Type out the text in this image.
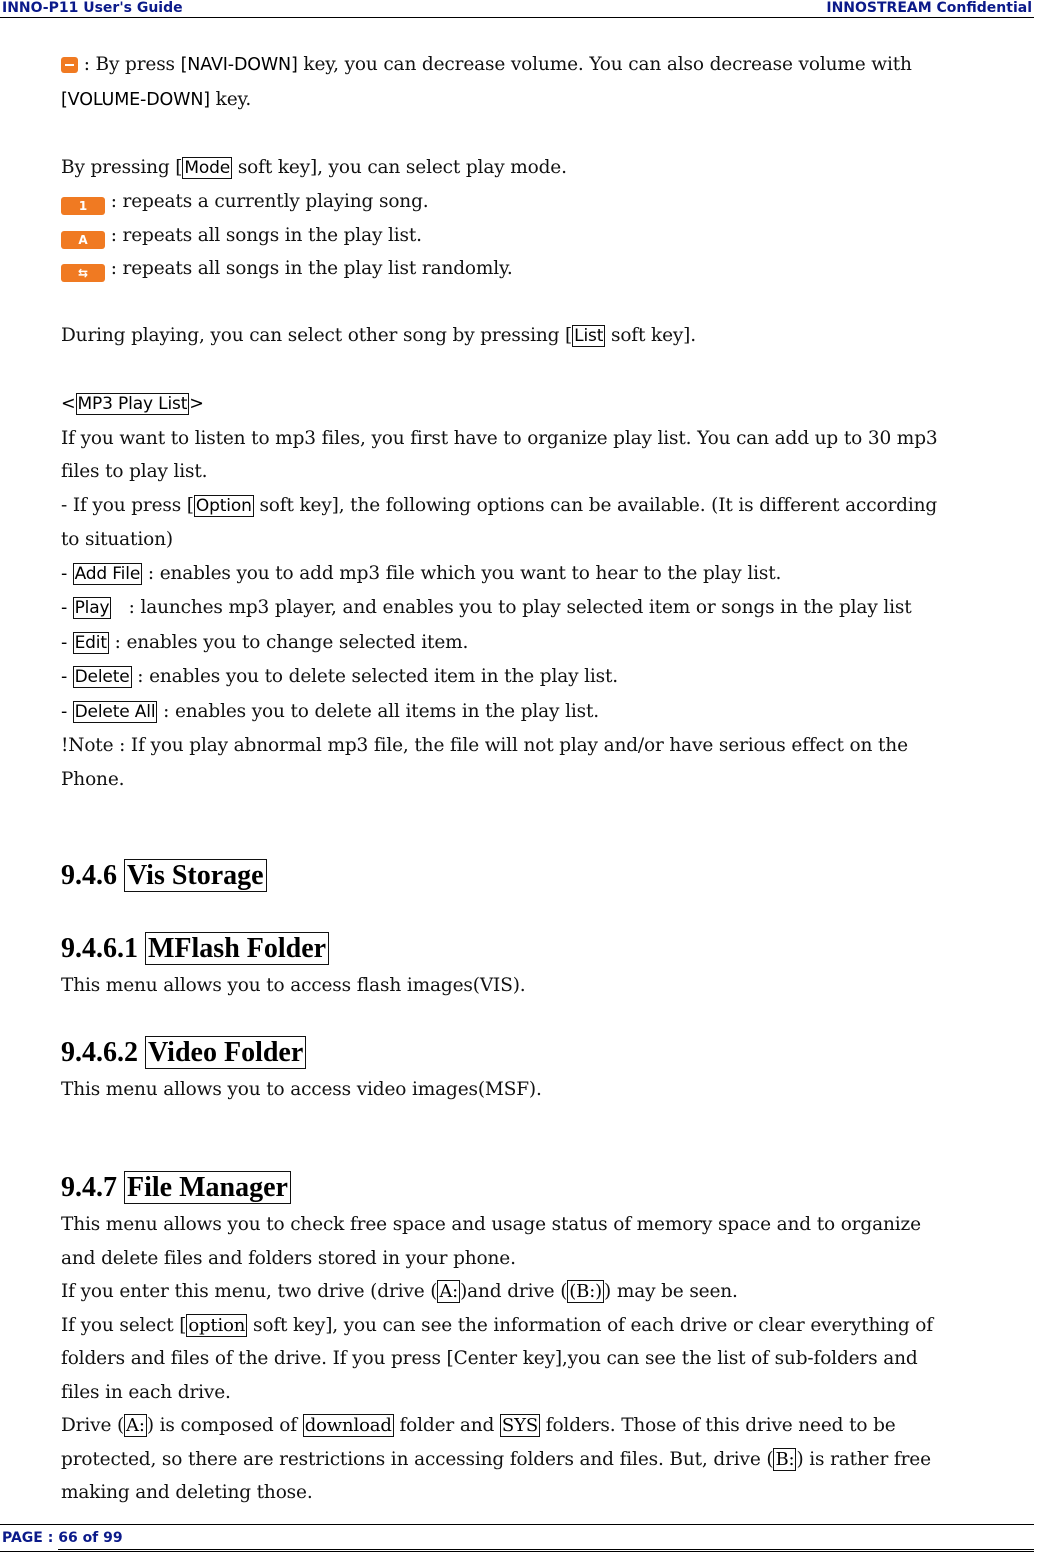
INNO-P11 User's Guide	INNOSTREAM Confidential
: By press [NAVI-DOWN] key, you can decrease volume. You can also decrease volume with
[VOLUME-DOWN] key.
By pressing [ Mode soft key], you can select play mode.
1 : repeats a currently playing song.
A : repeats all songs in the play list.
⇆ : repeats all songs in the play list randomly.
During playing, you can select other song by pressing [ List soft key].
< MP3 Play List >
If you want to listen to mp3 files, you first have to organize play list. You can add up to 30 mp3
files to play list.
- If you press [ Option soft key], the following options can be available. (It is different according
to situation)
- Add File : enables you to add mp3 file which you want to hear to the play list.
- Play   : launches mp3 player, and enables you to play selected item or songs in the play list
- Edit : enables you to change selected item.
- Delete : enables you to delete selected item in the play list.
- Delete All : enables you to delete all items in the play list.
!Note : If you play abnormal mp3 file, the file will not play and/or have serious effect on the
Phone.
9.4.6 Vis Storage
9.4.6.1 MFlash Folder
This menu allows you to access flash images(VIS).
9.4.6.2 Video Folder
This menu allows you to access video images(MSF).
9.4.7 File Manager
This menu allows you to check free space and usage status of memory space and to organize
and delete files and folders stored in your phone.
If you enter this menu, two drive (drive ( A: )and drive ( (B:) ) may be seen.
If you select [ option soft key], you can see the information of each drive or clear everything of
folders and files of the drive. If you press [Center key],you can see the list of sub-folders and
files in each drive.
Drive ( A: ) is composed of download folder and SYS folders. Those of this drive need to be
protected, so there are restrictions in accessing folders and files. But, drive ( B: ) is rather free
making and deleting those.
PAGE : 66 of 99
